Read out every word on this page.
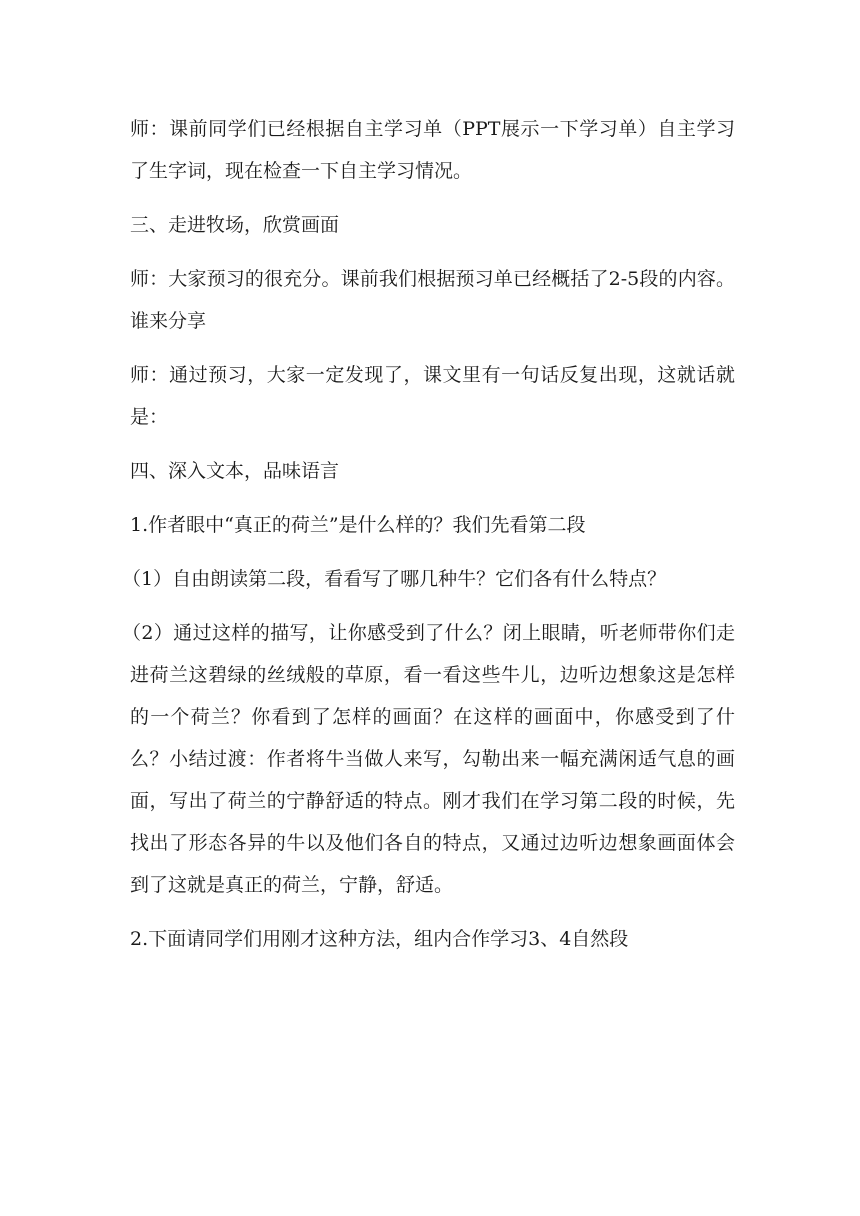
师：课前同学们已经根据自主学习单（PPT展示一下学习单）自主学习了生字词，现在检查一下自主学习情况。

三、走进牧场，欣赏画面

师：大家预习的很充分。课前我们根据预习单已经概括了2-5段的内容。谁来分享

师：通过预习，大家一定发现了，课文里有一句话反复出现，这就话就是：

四、深入文本，品味语言

1.作者眼中“真正的荷兰”是什么样的？我们先看第二段

（1）自由朗读第二段，看看写了哪几种牛？它们各有什么特点？

（2）通过这样的描写，让你感受到了什么？闭上眼睛，听老师带你们走进荷兰这碧绿的丝绒般的草原，看一看这些牛儿，边听边想象这是怎样的一个荷兰？你看到了怎样的画面？在这样的画面中，你感受到了什么？小结过渡：作者将牛当做人来写，勾勒出来一幅充满闲适气息的画面，写出了荷兰的宁静舒适的特点。刚才我们在学习第二段的时候，先找出了形态各异的牛以及他们各自的特点，又通过边听边想象画面体会到了这就是真正的荷兰，宁静，舒适。

2.下面请同学们用刚才这种方法，组内合作学习3、4自然段
